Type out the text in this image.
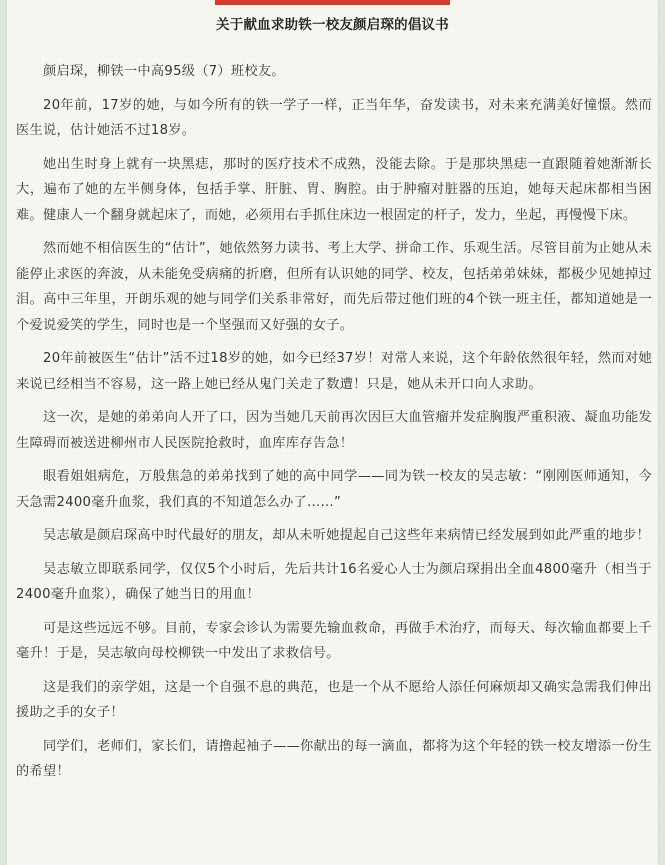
关于献血求助铁一校友颜启琛的倡议书

颜启琛，柳铁一中高95级（7）班校友。

20年前，17岁的她，与如今所有的铁一学子一样，正当年华，奋发读书，对未来充满美好憧憬。然而医生说，估计她活不过18岁。

她出生时身上就有一块黑痣，那时的医疗技术不成熟，没能去除。于是那块黑痣一直跟随着她渐渐长大，遍布了她的左半侧身体，包括手掌、肝脏、胃、胸腔。由于肿瘤对脏器的压迫，她每天起床都相当困难。健康人一个翻身就起床了，而她，必须用右手抓住床边一根固定的杆子，发力，坐起，再慢慢下床。

然而她不相信医生的“估计”，她依然努力读书、考上大学、拼命工作、乐观生活。尽管目前为止她从未能停止求医的奔波，从未能免受病痛的折磨，但所有认识她的同学、校友，包括弟弟妹妹，都极少见她掉过泪。高中三年里，开朗乐观的她与同学们关系非常好，而先后带过他们班的4个铁一班主任，都知道她是一个爱说爱笑的学生，同时也是一个坚强而又好强的女子。

20年前被医生“估计”活不过18岁的她，如今已经37岁！对常人来说，这个年龄依然很年轻，然而对她来说已经相当不容易，这一路上她已经从鬼门关走了数遭！只是，她从未开口向人求助。

这一次，是她的弟弟向人开了口，因为当她几天前再次因巨大血管瘤并发症胸腹严重积液、凝血功能发生障碍而被送进柳州市人民医院抢救时，血库库存告急！

眼看姐姐病危，万般焦急的弟弟找到了她的高中同学——同为铁一校友的吴志敏：“刚刚医师通知，今天急需2400毫升血浆，我们真的不知道怎么办了……”

吴志敏是颜启琛高中时代最好的朋友，却从未听她提起自己这些年来病情已经发展到如此严重的地步！

吴志敏立即联系同学，仅仅5个小时后，先后共计16名爱心人士为颜启琛捐出全血4800毫升（相当于2400毫升血浆），确保了她当日的用血！

可是这些远远不够。目前，专家会诊认为需要先输血救命，再做手术治疗，而每天、每次输血都要上千毫升！于是，吴志敏向母校柳铁一中发出了求救信号。

这是我们的亲学姐，这是一个自强不息的典范，也是一个从不愿给人添任何麻烦却又确实急需我们伸出援助之手的女子！

同学们，老师们，家长们，请撸起袖子——你献出的每一滴血，都将为这个年轻的铁一校友增添一份生的希望！
